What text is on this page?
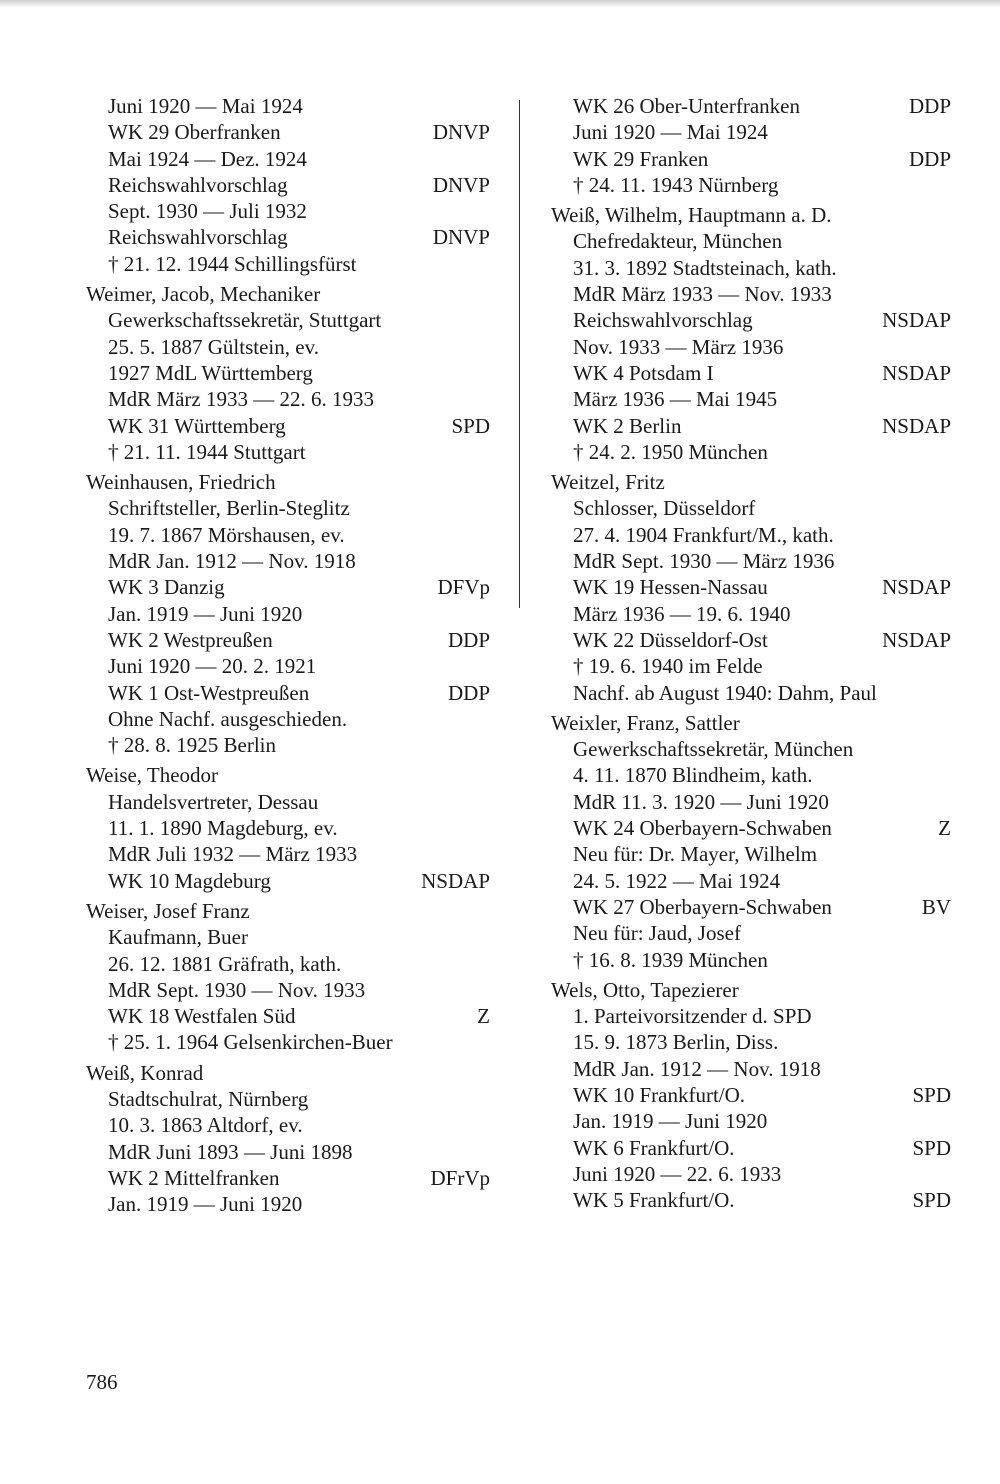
Juni 1920 — Mai 1924
WK 29 Oberfranken	DNVP
Mai 1924 — Dez. 1924
Reichswahlvorschlag	DNVP
Sept. 1930 — Juli 1932
Reichswahlvorschlag	DNVP
† 21. 12. 1944 Schillingsfürst
Weimer, Jacob, Mechaniker
Gewerkschaftssekretär, Stuttgart
25. 5. 1887 Gültstein, ev.
1927 MdL Württemberg
MdR März 1933 — 22. 6. 1933
WK 31 Württemberg	SPD
† 21. 11. 1944 Stuttgart
Weinhausen, Friedrich
Schriftsteller, Berlin-Steglitz
19. 7. 1867 Mörshausen, ev.
MdR Jan. 1912 — Nov. 1918
WK 3 Danzig	DFVp
Jan. 1919 — Juni 1920
WK 2 Westpreußen	DDP
Juni 1920 — 20. 2. 1921
WK 1 Ost-Westpreußen	DDP
Ohne Nachf. ausgeschieden.
† 28. 8. 1925 Berlin
Weise, Theodor
Handelsvertreter, Dessau
11. 1. 1890 Magdeburg, ev.
MdR Juli 1932 — März 1933
WK 10 Magdeburg	NSDAP
Weiser, Josef Franz
Kaufmann, Buer
26. 12. 1881 Gräfrath, kath.
MdR Sept. 1930 — Nov. 1933
WK 18 Westfalen Süd	Z
† 25. 1. 1964 Gelsenkirchen-Buer
Weiß, Konrad
Stadtschulrat, Nürnberg
10. 3. 1863 Altdorf, ev.
MdR Juni 1893 — Juni 1898
WK 2 Mittelfranken	DFrVp
Jan. 1919 — Juni 1920
WK 26 Ober-Unterfranken	DDP
Juni 1920 — Mai 1924
WK 29 Franken	DDP
† 24. 11. 1943 Nürnberg
Weiß, Wilhelm, Hauptmann a. D.
Chefredakteur, München
31. 3. 1892 Stadtsteinach, kath.
MdR März 1933 — Nov. 1933
Reichswahlvorschlag	NSDAP
Nov. 1933 — März 1936
WK 4 Potsdam I	NSDAP
März 1936 — Mai 1945
WK 2 Berlin	NSDAP
† 24. 2. 1950 München
Weitzel, Fritz
Schlosser, Düsseldorf
27. 4. 1904 Frankfurt/M., kath.
MdR Sept. 1930 — März 1936
WK 19 Hessen-Nassau	NSDAP
März 1936 — 19. 6. 1940
WK 22 Düsseldorf-Ost	NSDAP
† 19. 6. 1940 im Felde
Nachf. ab August 1940: Dahm, Paul
Weixler, Franz, Sattler
Gewerkschaftssekretär, München
4. 11. 1870 Blindheim, kath.
MdR 11. 3. 1920 — Juni 1920
WK 24 Oberbayern-Schwaben	Z
Neu für: Dr. Mayer, Wilhelm
24. 5. 1922 — Mai 1924
WK 27 Oberbayern-Schwaben	BV
Neu für: Jaud, Josef
† 16. 8. 1939 München
Wels, Otto, Tapezierer
1. Parteivorsitzender d. SPD
15. 9. 1873 Berlin, Diss.
MdR Jan. 1912 — Nov. 1918
WK 10 Frankfurt/O.	SPD
Jan. 1919 — Juni 1920
WK 6 Frankfurt/O.	SPD
Juni 1920 — 22. 6. 1933
WK 5 Frankfurt/O.	SPD
786
